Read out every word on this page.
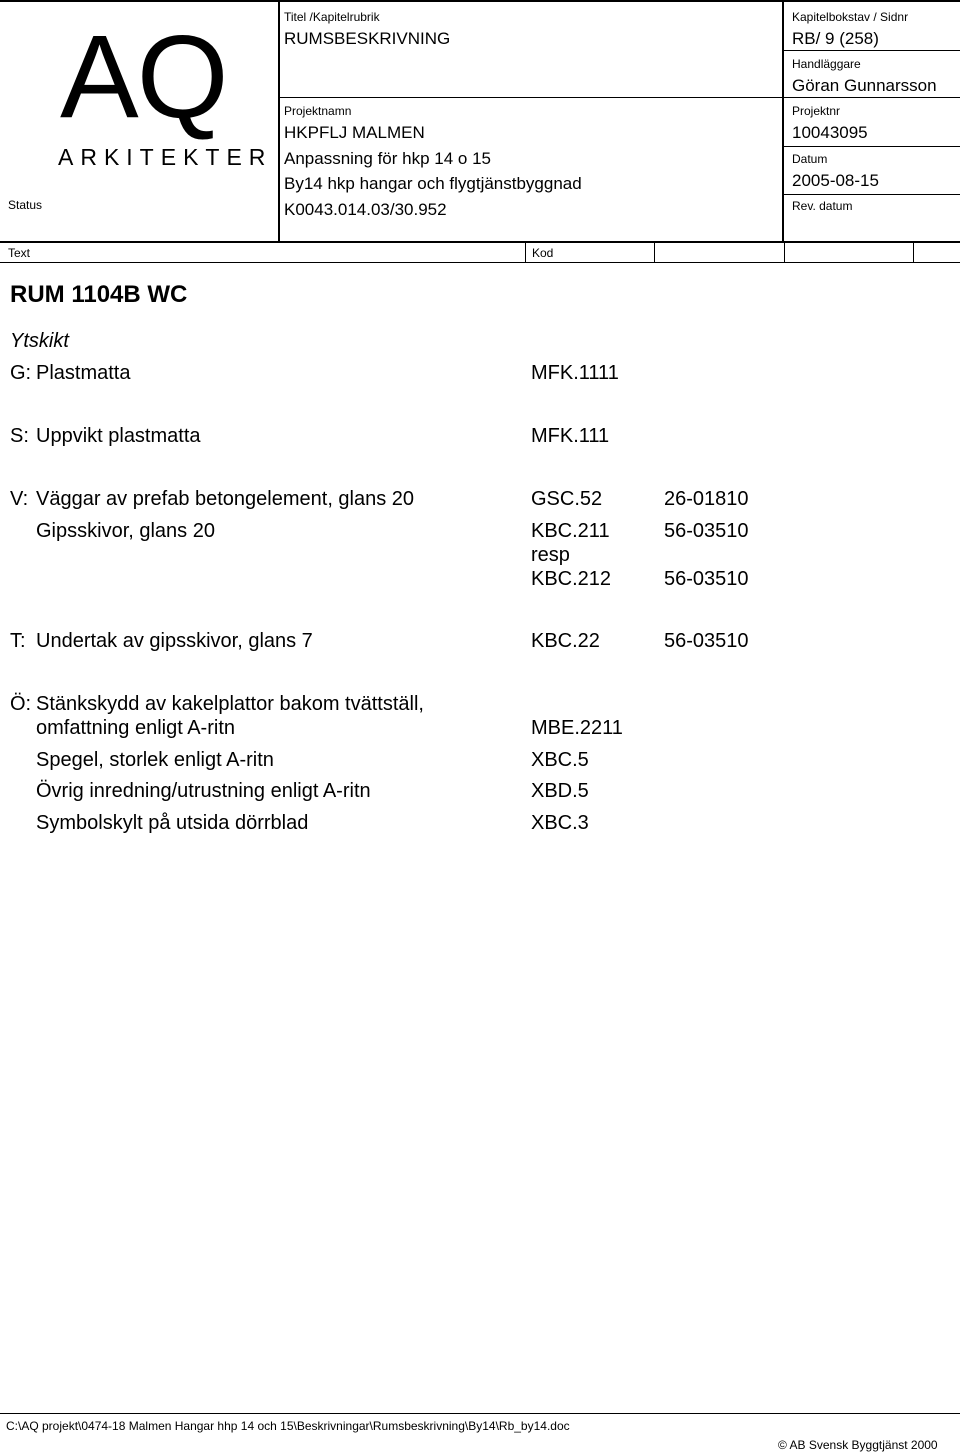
AQ
ARKITEKTER
Status
Titel /Kapitelrubrik
RUMSBESKRIVNING
Projektnamn
HKPFLJ MALMEN
Anpassning för hkp 14 o 15
By14 hkp hangar och flygtjänstbyggnad
K0043.014.03/30.952
Kapitelbokstav / Sidnr
RB/ 9 (258)
Handläggare
Göran Gunnarsson
Projektnr
10043095
Datum
2005-08-15
Rev. datum
Text	Kod
RUM 1104B WC
Ytskikt
G: Plastmatta	MFK.1111
S: Uppvikt plastmatta	MFK.111
V: Väggar av prefab betongelement, glans 20	GSC.52	26-01810
Gipsskivor, glans 20	KBC.211	56-03510
resp
KBC.212	56-03510
T: Undertak av gipsskivor, glans 7	KBC.22	56-03510
Ö: Stänkskydd av kakelplattor bakom tvättställ,
omfattning enligt A-ritn	MBE.2211
Spegel, storlek enligt A-ritn	XBC.5
Övrig inredning/utrustning enligt A-ritn	XBD.5
Symbolskylt på utsida dörrblad	XBC.3
C:\AQ projekt\0474-18 Malmen Hangar hhp 14 och 15\Beskrivningar\Rumsbeskrivning\By14\Rb_by14.doc
© AB Svensk Byggtjänst 2000
